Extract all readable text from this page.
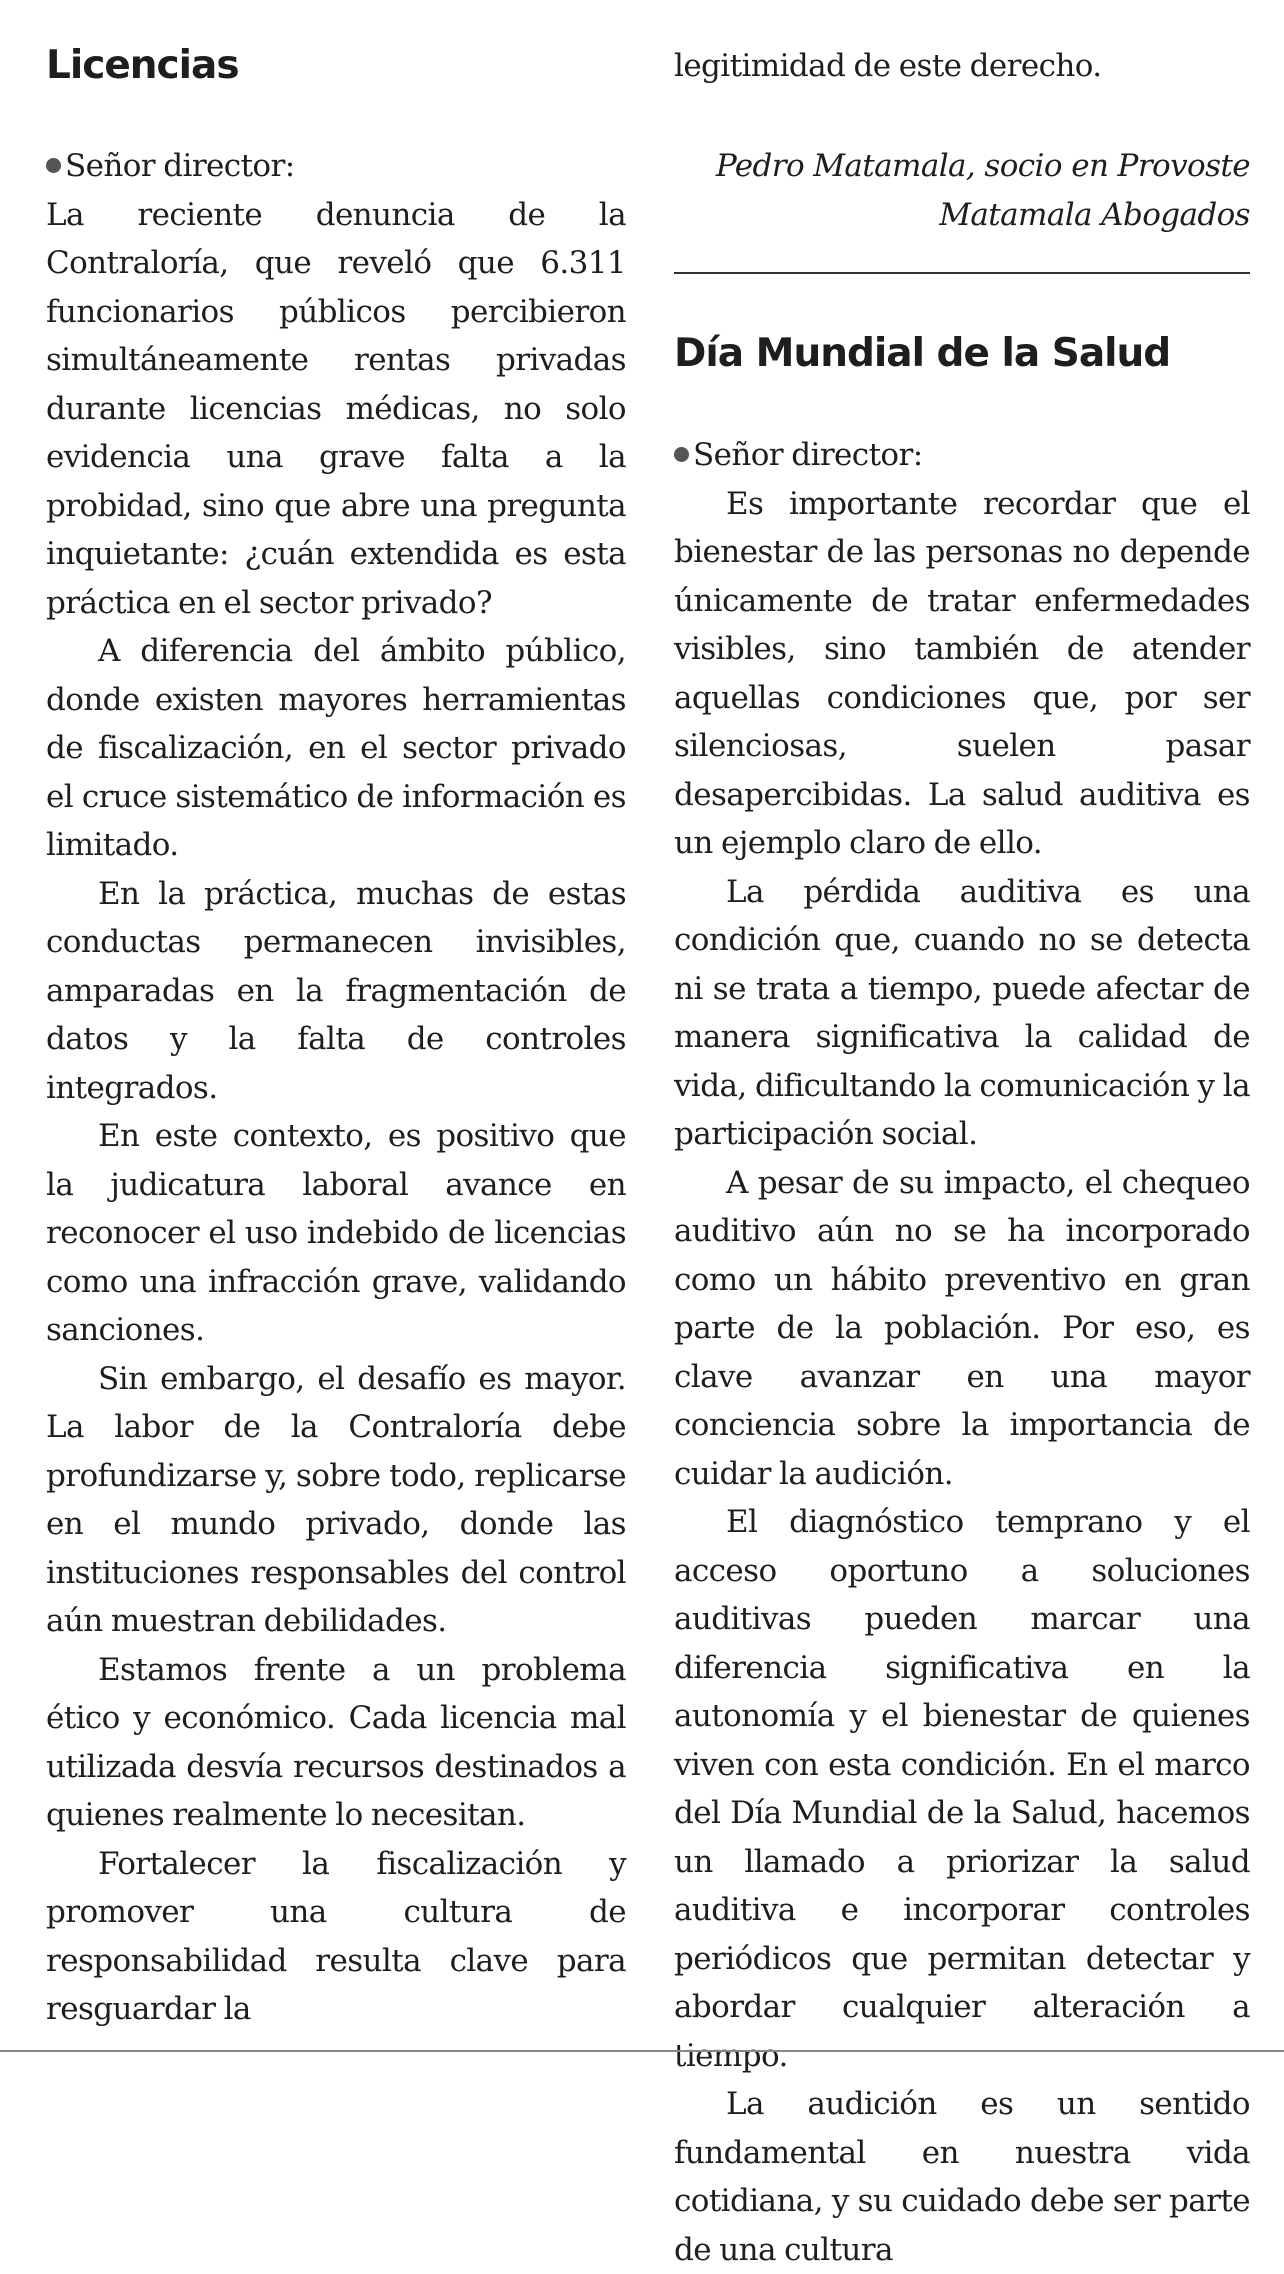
Licencias

Señor director:

La reciente denuncia de la Contraloría, que reveló que 6.311 funcionarios públicos percibieron simultáneamente rentas privadas durante licencias médicas, no solo evidencia una grave falta a la probidad, sino que abre una pregunta inquietante: ¿cuán extendida es esta práctica en el sector privado?

A diferencia del ámbito público, donde existen mayores herramientas de fiscalización, en el sector privado el cruce sistemático de información es limitado.

En la práctica, muchas de estas conductas permanecen invisibles, amparadas en la fragmentación de datos y la falta de controles integrados.

En este contexto, es positivo que la judicatura laboral avance en reconocer el uso indebido de licencias como una infracción grave, validando sanciones.

Sin embargo, el desafío es mayor. La labor de la Contraloría debe profundizarse y, sobre todo, replicarse en el mundo privado, donde las instituciones responsables del control aún muestran debilidades.

Estamos frente a un problema ético y económico. Cada licencia mal utilizada desvía recursos destinados a quienes realmente lo necesitan.

Fortalecer la fiscalización y promover una cultura de responsabilidad resulta clave para resguardar la

legitimidad de este derecho.
Pedro Matamala, socio en Provoste Matamala Abogados
Día Mundial de la Salud

Señor director:

Es importante recordar que el bienestar de las personas no depende únicamente de tratar enfermedades visibles, sino también de atender aquellas condiciones que, por ser silenciosas, suelen pasar desapercibidas. La salud auditiva es un ejemplo claro de ello.

La pérdida auditiva es una condición que, cuando no se detecta ni se trata a tiempo, puede afectar de manera significativa la calidad de vida, dificultando la comunicación y la participación social.

A pesar de su impacto, el chequeo auditivo aún no se ha incorporado como un hábito preventivo en gran parte de la población. Por eso, es clave avanzar en una mayor conciencia sobre la importancia de cuidar la audición.

El diagnóstico temprano y el acceso oportuno a soluciones auditivas pueden marcar una diferencia significativa en la autonomía y el bienestar de quienes viven con esta condición. En el marco del Día Mundial de la Salud, hacemos un llamado a priorizar la salud auditiva e incorporar controles periódicos que permitan detectar y abordar cualquier alteración a tiempo.

La audición es un sentido fundamental en nuestra vida cotidiana, y su cuidado debe ser parte de una cultura
